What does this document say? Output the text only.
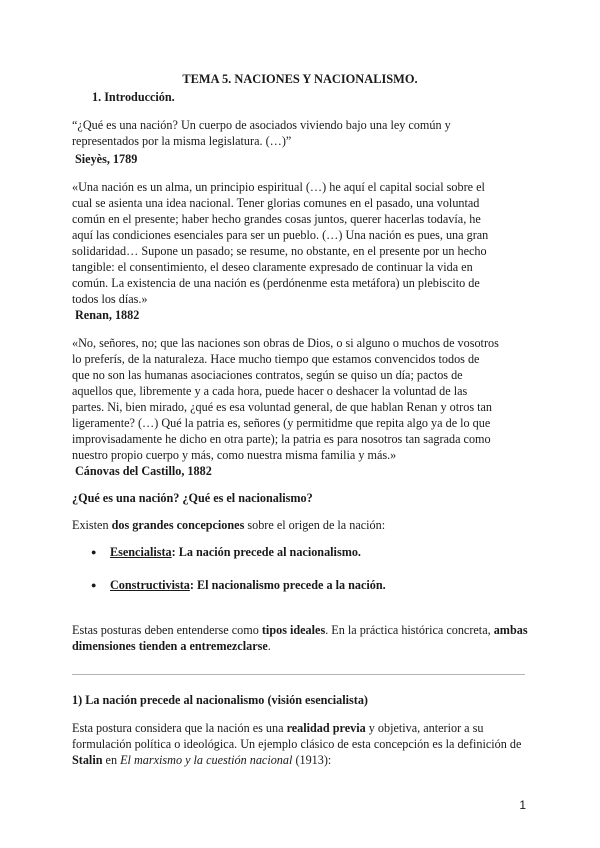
TEMA 5. NACIONES Y NACIONALISMO.
1. Introducción.
“¿Qué es una nación? Un cuerpo de asociados viviendo bajo una ley común y
representados por la misma legislatura. (…)”
Sieyès, 1789
«Una nación es un alma, un principio espiritual (…) he aquí el capital social sobre el
cual se asienta una idea nacional. Tener glorias comunes en el pasado, una voluntad
común en el presente; haber hecho grandes cosas juntos, querer hacerlas todavía, he
aquí las condiciones esenciales para ser un pueblo. (…) Una nación es pues, una gran
solidaridad… Supone un pasado; se resume, no obstante, en el presente por un hecho
tangible: el consentimiento, el deseo claramente expresado de continuar la vida en
común. La existencia de una nación es (perdónenme esta metáfora) un plebiscito de
todos los días.»
Renan, 1882
«No, señores, no; que las naciones son obras de Dios, o si alguno o muchos de vosotros
lo preferís, de la naturaleza. Hace mucho tiempo que estamos convencidos todos de
que no son las humanas asociaciones contratos, según se quiso un día; pactos de
aquellos que, libremente y a cada hora, puede hacer o deshacer la voluntad de las
partes. Ni, bien mirado, ¿qué es esa voluntad general, de que hablan Renan y otros tan
ligeramente? (…) Qué la patria es, señores (y permitidme que repita algo ya de lo que
improvisadamente he dicho en otra parte); la patria es para nosotros tan sagrada como
nuestro propio cuerpo y más, como nuestra misma familia y más.»
Cánovas del Castillo, 1882
¿Qué es una nación? ¿Qué es el nacionalismo?
Existen dos grandes concepciones sobre el origen de la nación:
● Esencialista: La nación precede al nacionalismo.
● Constructivista: El nacionalismo precede a la nación.
Estas posturas deben entenderse como tipos ideales. En la práctica histórica concreta, ambas
dimensiones tienden a entremezclarse.
1) La nación precede al nacionalismo (visión esencialista)
Esta postura considera que la nación es una realidad previa y objetiva, anterior a su
formulación política o ideológica. Un ejemplo clásico de esta concepción es la definición de
Stalin en El marxismo y la cuestión nacional (1913):
1
